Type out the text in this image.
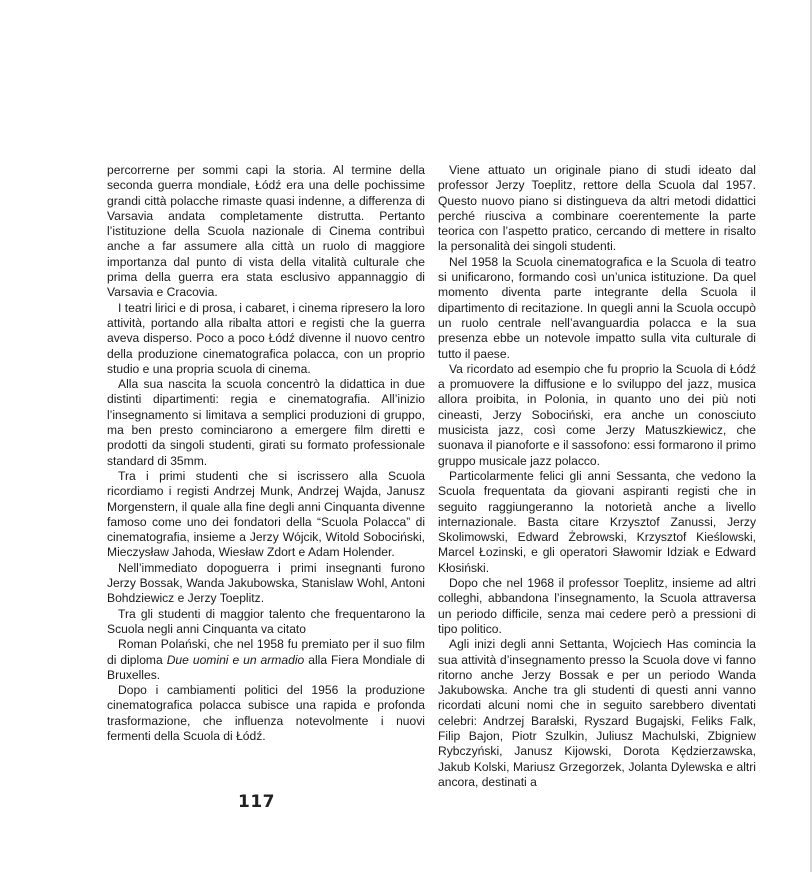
percorrerne per sommi capi la storia. Al termine della seconda guerra mondiale, Łódź era una delle pochissime grandi città polacche rimaste quasi indenne, a differenza di Varsavia andata completamente distrutta. Pertanto l’istituzione della Scuola nazionale di Cinema contribuì anche a far assumere alla città un ruolo di maggiore importanza dal punto di vista della vitalità culturale che prima della guerra era stata esclusivo appannaggio di Varsavia e Cracovia.

I teatri lirici e di prosa, i cabaret, i cinema ripresero la loro attività, portando alla ribalta attori e registi che la guerra aveva disperso. Poco a poco Łódź divenne il nuovo centro della produzione cinematografica polacca, con un proprio studio e una propria scuola di cinema.

Alla sua nascita la scuola concentrò la didattica in due distinti dipartimenti: regia e cinematografia. All’inizio l’insegnamento si limitava a semplici produzioni di gruppo, ma ben presto cominciarono a emergere film diretti e prodotti da singoli studenti, girati su formato professionale standard di 35mm.

Tra i primi studenti che si iscrissero alla Scuola ricordiamo i registi Andrzej Munk, Andrzej Wajda, Janusz Morgenstern, il quale alla fine degli anni Cinquanta divenne famoso come uno dei fondatori della “Scuola Polacca” di cinematografia, insieme a Jerzy Wójcik, Witold Sobociński, Mieczysław Jahoda, Wiesław Zdort e Adam Holender.

Nell’immediato dopoguerra i primi insegnanti furono Jerzy Bossak, Wanda Jakubowska, Stanislaw Wohl, Antoni Bohdziewicz e Jerzy Toeplitz.

Tra gli studenti di maggior talento che frequentarono la Scuola negli anni Cinquanta va citato

Roman Polański, che nel 1958 fu premiato per il suo film di diploma Due uomini e un armadio alla Fiera Mondiale di Bruxelles.

Dopo i cambiamenti politici del 1956 la produzione cinematografica polacca subisce una rapida e profonda trasformazione, che influenza notevolmente i nuovi fermenti della Scuola di Łódź.

Viene attuato un originale piano di studi ideato dal professor Jerzy Toeplitz, rettore della Scuola dal 1957. Questo nuovo piano si distingueva da altri metodi didattici perché riusciva a combinare coerentemente la parte teorica con l’aspetto pratico, cercando di mettere in risalto la personalità dei singoli studenti.

Nel 1958 la Scuola cinematografica e la Scuola di teatro si unificarono, formando così un’unica istituzione. Da quel momento diventa parte integrante della Scuola il dipartimento di recitazione. In quegli anni la Scuola occupò un ruolo centrale nell’avanguardia polacca e la sua presenza ebbe un notevole impatto sulla vita culturale di tutto il paese.

Va ricordato ad esempio che fu proprio la Scuola di Łódź a promuovere la diffusione e lo sviluppo del jazz, musica allora proibita, in Polonia, in quanto uno dei più noti cineasti, Jerzy Sobociński, era anche un conosciuto musicista jazz, così come Jerzy Matuszkiewicz, che suonava il pianoforte e il sassofono: essi formarono il primo gruppo musicale jazz polacco.

Particolarmente felici gli anni Sessanta, che vedono la Scuola frequentata da giovani aspiranti registi che in seguito raggiungeranno la notorietà anche a livello internazionale. Basta citare Krzysztof Zanussi, Jerzy Skolimowski, Edward Żebrowski, Krzysztof Kieślowski, Marcel Łozinski, e gli operatori Sławomir Idziak e Edward Kłosiński.

Dopo che nel 1968 il professor Toeplitz, insieme ad altri colleghi, abbandona l’insegnamento, la Scuola attraversa un periodo difficile, senza mai cedere però a pressioni di tipo politico.

Agli inizi degli anni Settanta, Wojciech Has comincia la sua attività d’insegnamento presso la Scuola dove vi fanno ritorno anche Jerzy Bossak e per un periodo Wanda Jakubowska. Anche tra gli studenti di questi anni vanno ricordati alcuni nomi che in seguito sarebbero diventati celebri: Andrzej Barałski, Ryszard Bugajski, Feliks Falk, Filip Bajon, Piotr Szulkin, Juliusz Machulski, Zbigniew Rybczyński, Janusz Kijowski, Dorota Kędzierzawska, Jakub Kolski, Mariusz Grzegorzek, Jolanta Dylewska e altri ancora, destinati a

117
